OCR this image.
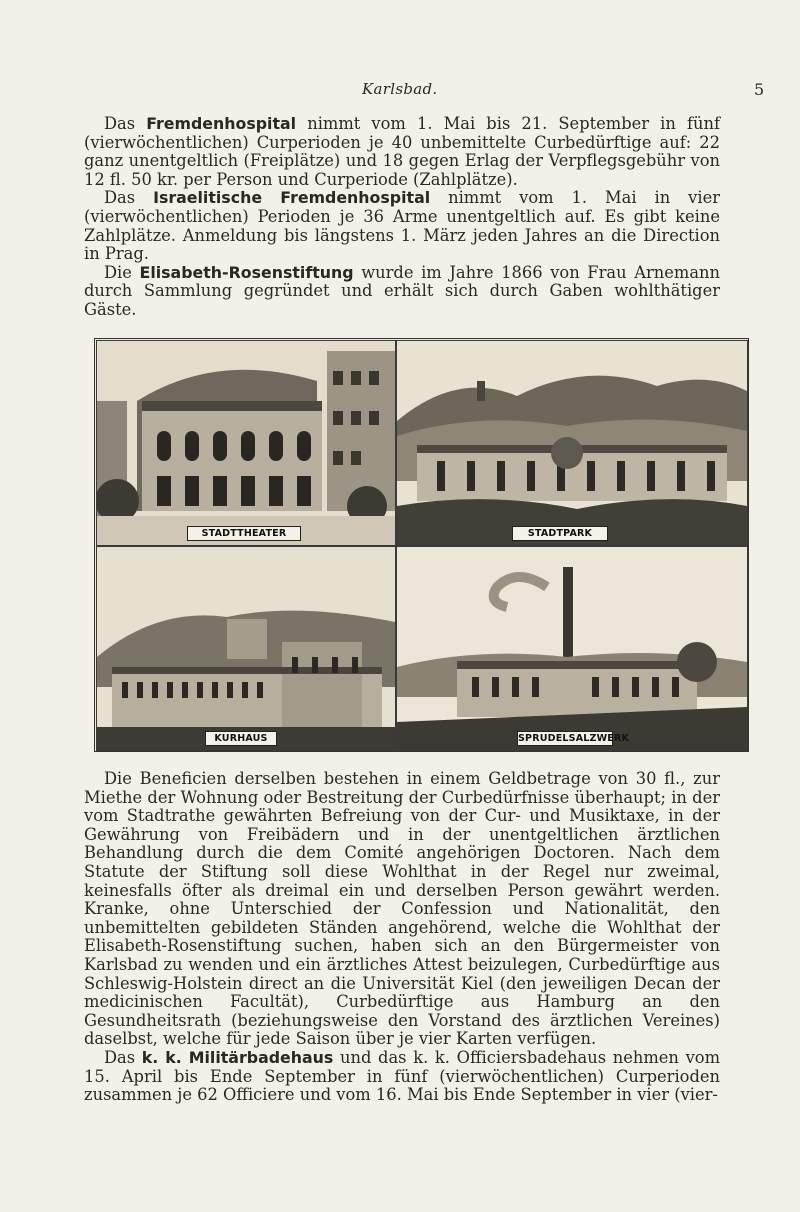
Karlsbad.	5

Das Fremdenhospital nimmt vom 1. Mai bis 21. September in fünf (vierwöchentlichen) Curperioden je 40 unbemittelte Curbedürftige auf: 22 ganz unentgeltlich (Freiplätze) und 18 gegen Erlag der Verpflegsgebühr von 12 fl. 50 kr. per Person und Curperiode (Zahlplätze).

Das Israelitische Fremdenhospital nimmt vom 1. Mai in vier (vierwöchentlichen) Perioden je 36 Arme unentgeltlich auf. Es gibt keine Zahlplätze. Anmeldung bis längstens 1. März jeden Jahres an die Direction in Prag.

Die Elisabeth-Rosenstiftung wurde im Jahre 1866 von Frau Arnemann durch Sammlung gegründet und erhält sich durch Gaben wohlthätiger Gäste.

STADTTHEATER	STADTPARK
KURHAUS	SPRUDELSALZWERK

Die Beneficien derselben bestehen in einem Geldbetrage von 30 fl., zur Miethe der Wohnung oder Bestreitung der Curbedürfnisse überhaupt; in der vom Stadtrathe gewährten Befreiung von der Cur- und Musiktaxe, in der Gewährung von Freibädern und in der unentgeltlichen ärztlichen Behandlung durch die dem Comité angehörigen Doctoren. Nach dem Statute der Stiftung soll diese Wohlthat in der Regel nur zweimal, keinesfalls öfter als dreimal ein und derselben Person gewährt werden. Kranke, ohne Unterschied der Confession und Nationalität, den unbemittelten gebildeten Ständen angehörend, welche die Wohlthat der Elisabeth-Rosenstiftung suchen, haben sich an den Bürgermeister von Karlsbad zu wenden und ein ärztliches Attest beizulegen, Curbedürftige aus Schleswig-Holstein direct an die Universität Kiel (den jeweiligen Decan der medicinischen Facultät), Curbedürftige aus Hamburg an den Gesundheitsrath (beziehungsweise den Vorstand des ärztlichen Vereines) daselbst, welche für jede Saison über je vier Karten verfügen.

Das k. k. Militärbadehaus und das k. k. Officiersbadehaus nehmen vom 15. April bis Ende September in fünf (vierwöchentlichen) Curperioden zusammen je 62 Officiere und vom 16. Mai bis Ende September in vier (vier-
